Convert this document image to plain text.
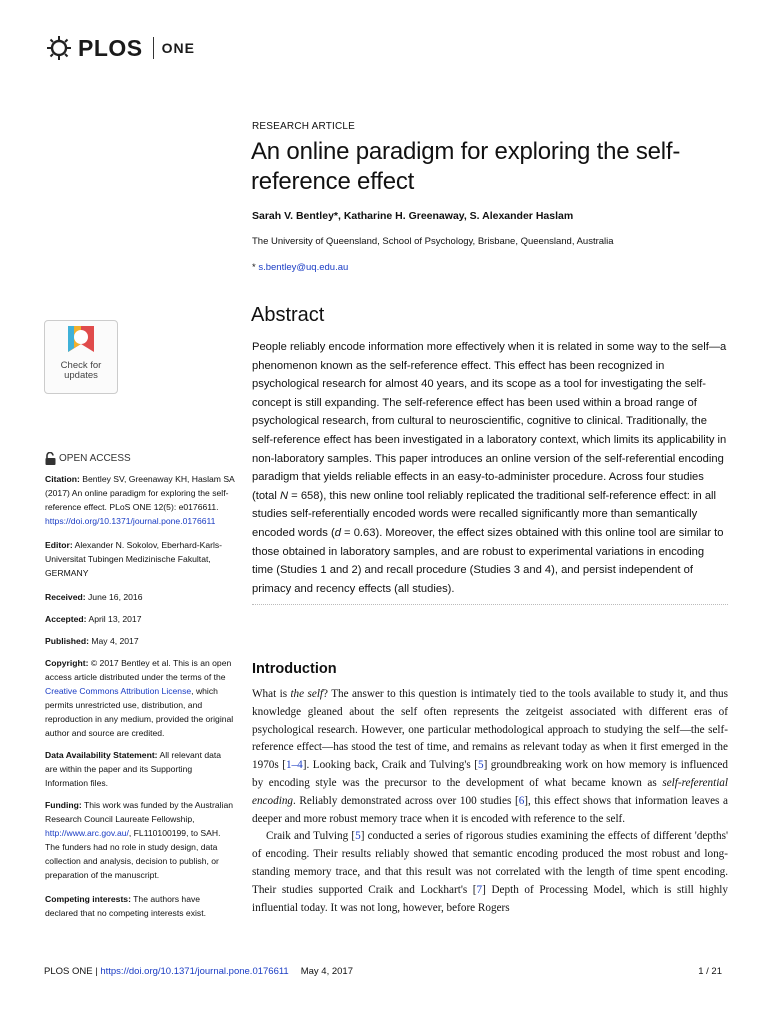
PLOS ONE
RESEARCH ARTICLE
An online paradigm for exploring the self-reference effect
Sarah V. Bentley*, Katharine H. Greenaway, S. Alexander Haslam
The University of Queensland, School of Psychology, Brisbane, Queensland, Australia
* s.bentley@uq.edu.au
Abstract

People reliably encode information more effectively when it is related in some way to the self—a phenomenon known as the self-reference effect. This effect has been recognized in psychological research for almost 40 years, and its scope as a tool for investigating the self-concept is still expanding. The self-reference effect has been used within a broad range of psychological research, from cultural to neuroscientific, cognitive to clinical. Traditionally, the self-reference effect has been investigated in a laboratory context, which limits its applicability in non-laboratory samples. This paper introduces an online version of the self-referential encoding paradigm that yields reliable effects in an easy-to-administer procedure. Across four studies (total N = 658), this new online tool reliably replicated the traditional self-reference effect: in all studies self-referentially encoded words were recalled significantly more than semantically encoded words (d = 0.63). Moreover, the effect sizes obtained with this online tool are similar to those obtained in laboratory samples, and are robust to experimental variations in encoding time (Studies 1 and 2) and recall procedure (Studies 3 and 4), and persist independent of primacy and recency effects (all studies).

Introduction

What is the self? The answer to this question is intimately tied to the tools available to study it, and thus knowledge gleaned about the self often represents the zeitgeist associated with different eras of psychological research. However, one particular methodological approach to studying the self—the self-reference effect—has stood the test of time, and remains as relevant today as when it first emerged in the 1970s [1–4]. Looking back, Craik and Tulving's [5] groundbreaking work on how memory is influenced by encoding style was the precursor to the development of what became known as self-referential encoding. Reliably demonstrated across over 100 studies [6], this effect shows that information leaves a deeper and more robust memory trace when it is encoded with reference to the self.

Craik and Tulving [5] conducted a series of rigorous studies examining the effects of different 'depths' of encoding. Their results reliably showed that semantic encoding produced the most robust and long-standing memory trace, and that this result was not correlated with the length of time spent encoding. Their studies supported Craik and Lockhart's [7] Depth of Processing Model, which is still highly influential today. It was not long, however, before Rogers

Check for
updates
OPEN ACCESS

Citation: Bentley SV, Greenaway KH, Haslam SA (2017) An online paradigm for exploring the self-reference effect. PLoS ONE 12(5): e0176611. https://doi.org/10.1371/journal.pone.0176611

Editor: Alexander N. Sokolov, Eberhard-Karls-Universitat Tubingen Medizinische Fakultat, GERMANY

Received: June 16, 2016

Accepted: April 13, 2017

Published: May 4, 2017

Copyright: © 2017 Bentley et al. This is an open access article distributed under the terms of the Creative Commons Attribution License, which permits unrestricted use, distribution, and reproduction in any medium, provided the original author and source are credited.

Data Availability Statement: All relevant data are within the paper and its Supporting Information files.

Funding: This work was funded by the Australian Research Council Laureate Fellowship, http://www.arc.gov.au/, FL110100199, to SAH. The funders had no role in study design, data collection and analysis, decision to publish, or preparation of the manuscript.

Competing interests: The authors have declared that no competing interests exist.

PLOS ONE | https://doi.org/10.1371/journal.pone.0176611 May 4, 2017	1 / 21
